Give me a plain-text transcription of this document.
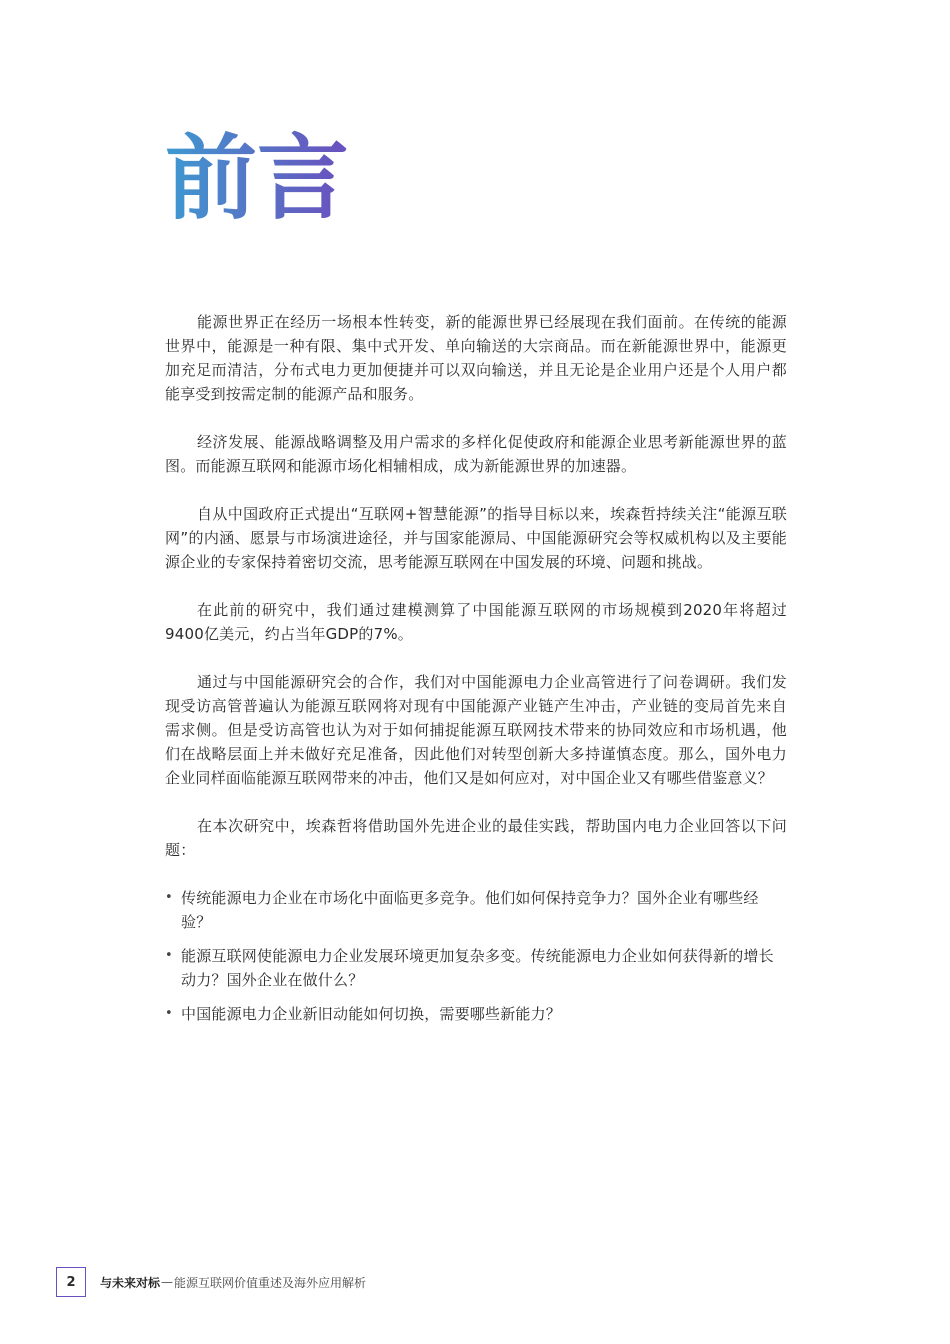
前言

能源世界正在经历一场根本性转变，新的能源世界已经展现在我们面前。在传统的能源世界中，能源是一种有限、集中式开发、单向输送的大宗商品。而在新能源世界中，能源更加充足而清洁，分布式电力更加便捷并可以双向输送，并且无论是企业用户还是个人用户都能享受到按需定制的能源产品和服务。

经济发展、能源战略调整及用户需求的多样化促使政府和能源企业思考新能源世界的蓝图。而能源互联网和能源市场化相辅相成，成为新能源世界的加速器。

自从中国政府正式提出“互联网+智慧能源”的指导目标以来，埃森哲持续关注“能源互联网”的内涵、愿景与市场演进途径，并与国家能源局、中国能源研究会等权威机构以及主要能源企业的专家保持着密切交流，思考能源互联网在中国发展的环境、问题和挑战。

在此前的研究中，我们通过建模测算了中国能源互联网的市场规模到2020年将超过9400亿美元，约占当年GDP的7%。

通过与中国能源研究会的合作，我们对中国能源电力企业高管进行了问卷调研。我们发现受访高管普遍认为能源互联网将对现有中国能源产业链产生冲击，产业链的变局首先来自需求侧。但是受访高管也认为对于如何捕捉能源互联网技术带来的协同效应和市场机遇，他们在战略层面上并未做好充足准备，因此他们对转型创新大多持谨慎态度。那么，国外电力企业同样面临能源互联网带来的冲击，他们又是如何应对，对中国企业又有哪些借鉴意义？

在本次研究中，埃森哲将借助国外先进企业的最佳实践，帮助国内电力企业回答以下问题：

• 传统能源电力企业在市场化中面临更多竞争。他们如何保持竞争力？国外企业有哪些经验？
• 能源互联网使能源电力企业发展环境更加复杂多变。传统能源电力企业如何获得新的增长动力？国外企业在做什么？
• 中国能源电力企业新旧动能如何切换，需要哪些新能力？
2	与未来对标 — 能源互联网价值重述及海外应用解析
